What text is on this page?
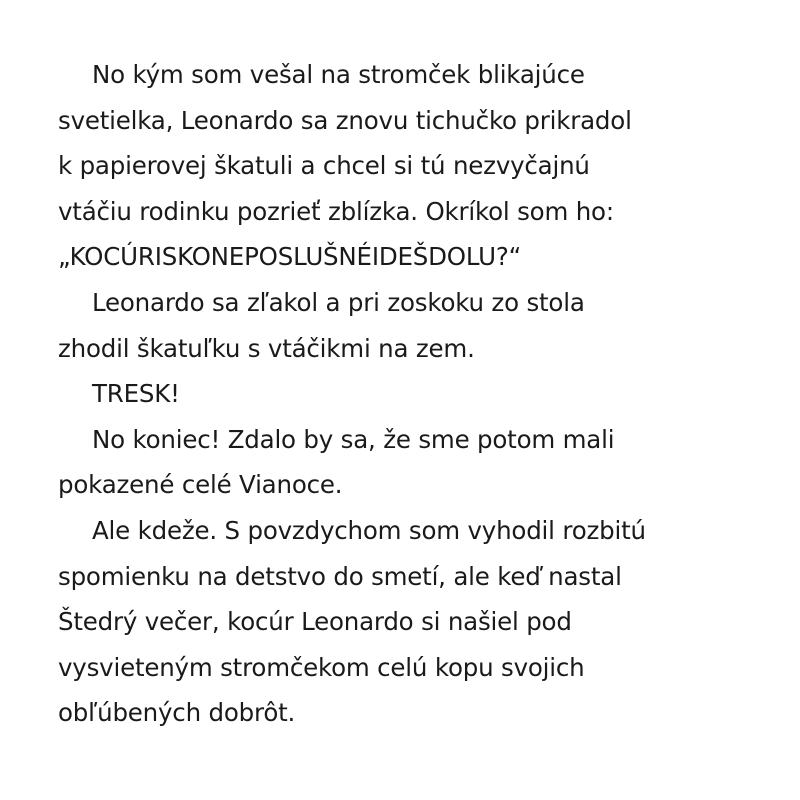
No kým som vešal na stromček blikajúce
svetielka, Leonardo sa znovu tichučko prikradol
k papierovej škatuli a chcel si tú nezvyčajnú
vtáčiu rodinku pozrieť zblízka. Okríkol som ho:
„KOCÚRISKONEPOSLUŠNÉIDEŠDOLU?“
Leonardo sa zľakol a pri zoskoku zo stola
zhodil škatuľku s vtáčikmi na zem.
TRESK!
No koniec! Zdalo by sa, že sme potom mali
pokazené celé Vianoce.
Ale kdeže. S povzdychom som vyhodil rozbitú
spomienku na detstvo do smetí, ale keď nastal
Štedrý večer, kocúr Leonardo si našiel pod
vysvieteným stromčekom celú kopu svojich
obľúbených dobrôt.
